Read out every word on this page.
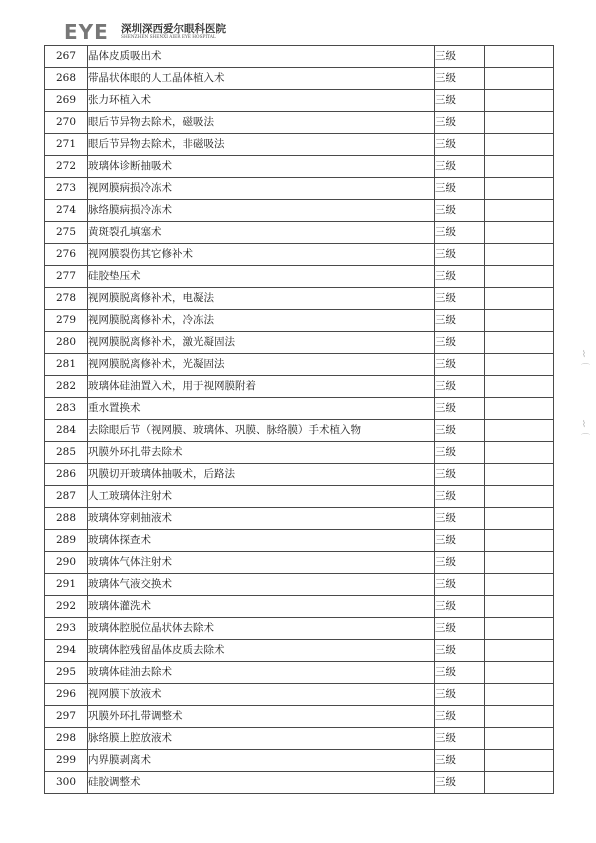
EYE 深圳深西爱尔眼科医院
SHENZHEN SHENXI AIER EYE HOSPITAL
267	晶体皮质吸出术	三级	
268	带晶状体眼的人工晶体植入术	三级	
269	张力环植入术	三级	
270	眼后节异物去除术，磁吸法	三级	
271	眼后节异物去除术，非磁吸法	三级	
272	玻璃体诊断抽吸术	三级	
273	视网膜病损冷冻术	三级	
274	脉络膜病损冷冻术	三级	
275	黄斑裂孔填塞术	三级	
276	视网膜裂伤其它修补术	三级	
277	硅胶垫压术	三级	
278	视网膜脱离修补术，电凝法	三级	
279	视网膜脱离修补术，冷冻法	三级	
280	视网膜脱离修补术，激光凝固法	三级	
281	视网膜脱离修补术，光凝固法	三级	
282	玻璃体硅油置入术，用于视网膜附着	三级	
283	重水置换术	三级	
284	去除眼后节（视网膜、玻璃体、巩膜、脉络膜）手术植入物	三级	
285	巩膜外环扎带去除术	三级	
286	巩膜切开玻璃体抽吸术，后路法	三级	
287	人工玻璃体注射术	三级	
288	玻璃体穿刺抽液术	三级	
289	玻璃体探查术	三级	
290	玻璃体气体注射术	三级	
291	玻璃体气液交换术	三级	
292	玻璃体灌洗术	三级	
293	玻璃体腔脱位晶状体去除术	三级	
294	玻璃体腔残留晶体皮质去除术	三级	
295	玻璃体硅油去除术	三级	
296	视网膜下放液术	三级	
297	巩膜外环扎带调整术	三级	
298	脉络膜上腔放液术	三级	
299	内界膜剥离术	三级	
300	硅胶调整术	三级	
⌇ ⌒
⌇ ⌒
